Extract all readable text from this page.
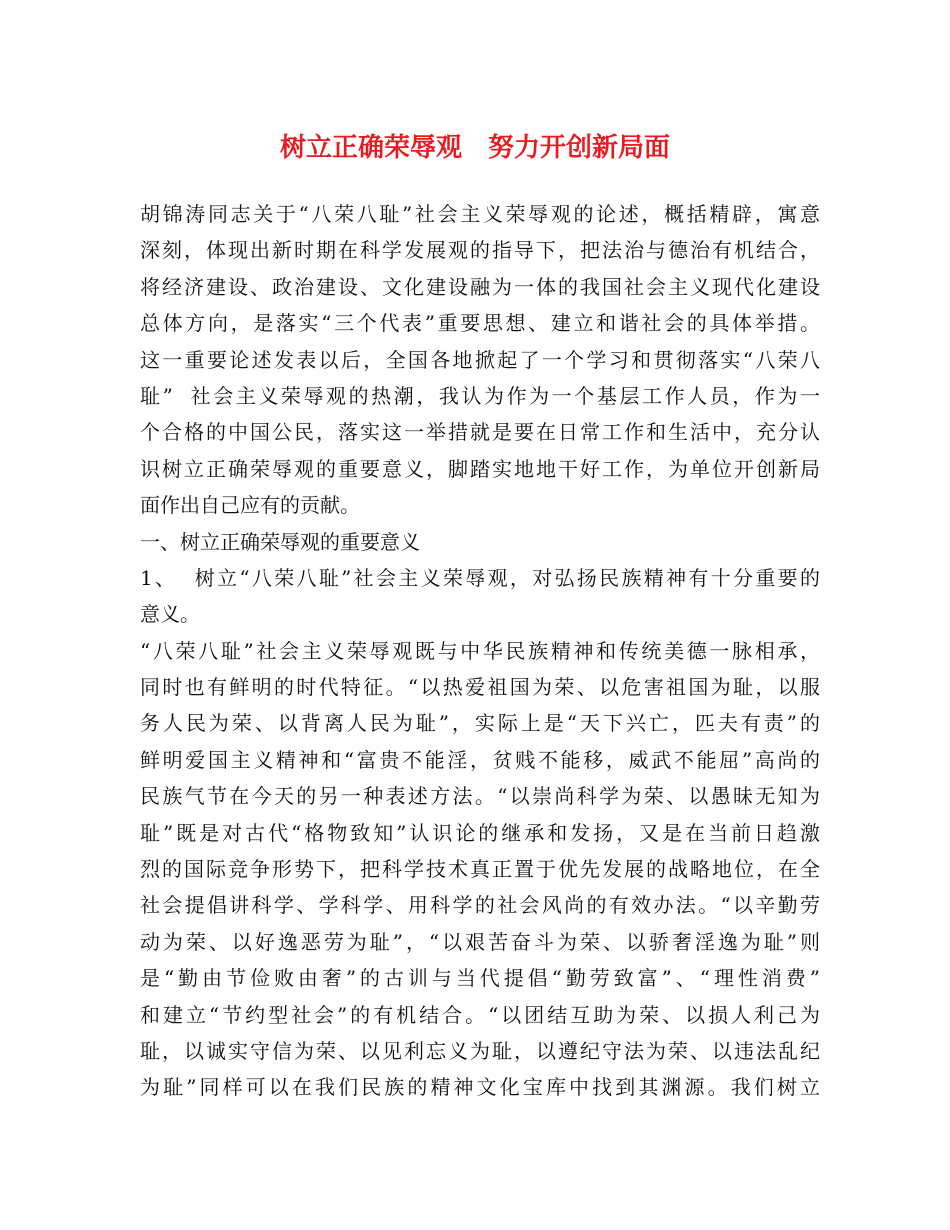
树立正确荣辱观　努力开创新局面
胡锦涛同志关于“八荣八耻”社会主义荣辱观的论述，概括精辟，寓意
深刻，体现出新时期在科学发展观的指导下，把法治与德治有机结合，
将经济建设、政治建设、文化建设融为一体的我国社会主义现代化建设
总体方向，是落实“三个代表”重要思想、建立和谐社会的具体举措。
这一重要论述发表以后，全国各地掀起了一个学习和贯彻落实“八荣八
耻”  社会主义荣辱观的热潮，我认为作为一个基层工作人员，作为一
个合格的中国公民，落实这一举措就是要在日常工作和生活中，充分认
识树立正确荣辱观的重要意义，脚踏实地地干好工作，为单位开创新局
面作出自己应有的贡献。
一、树立正确荣辱观的重要意义
1、  树立“八荣八耻”社会主义荣辱观，对弘扬民族精神有十分重要的
意义。
“八荣八耻”社会主义荣辱观既与中华民族精神和传统美德一脉相承，
同时也有鲜明的时代特征。“以热爱祖国为荣、以危害祖国为耻，以服
务人民为荣、以背离人民为耻”，实际上是“天下兴亡，匹夫有责”的
鲜明爱国主义精神和“富贵不能淫，贫贱不能移，威武不能屈”高尚的
民族气节在今天的另一种表述方法。“以崇尚科学为荣、以愚昧无知为
耻”既是对古代“格物致知”认识论的继承和发扬，又是在当前日趋激
烈的国际竞争形势下，把科学技术真正置于优先发展的战略地位，在全
社会提倡讲科学、学科学、用科学的社会风尚的有效办法。“以辛勤劳
动为荣、以好逸恶劳为耻”，“以艰苦奋斗为荣、以骄奢淫逸为耻”则
是“勤由节俭败由奢”的古训与当代提倡“勤劳致富”、“理性消费”
和建立“节约型社会”的有机结合。“以团结互助为荣、以损人利己为
耻，以诚实守信为荣、以见利忘义为耻，以遵纪守法为荣、以违法乱纪
为耻”同样可以在我们民族的精神文化宝库中找到其渊源。我们树立
